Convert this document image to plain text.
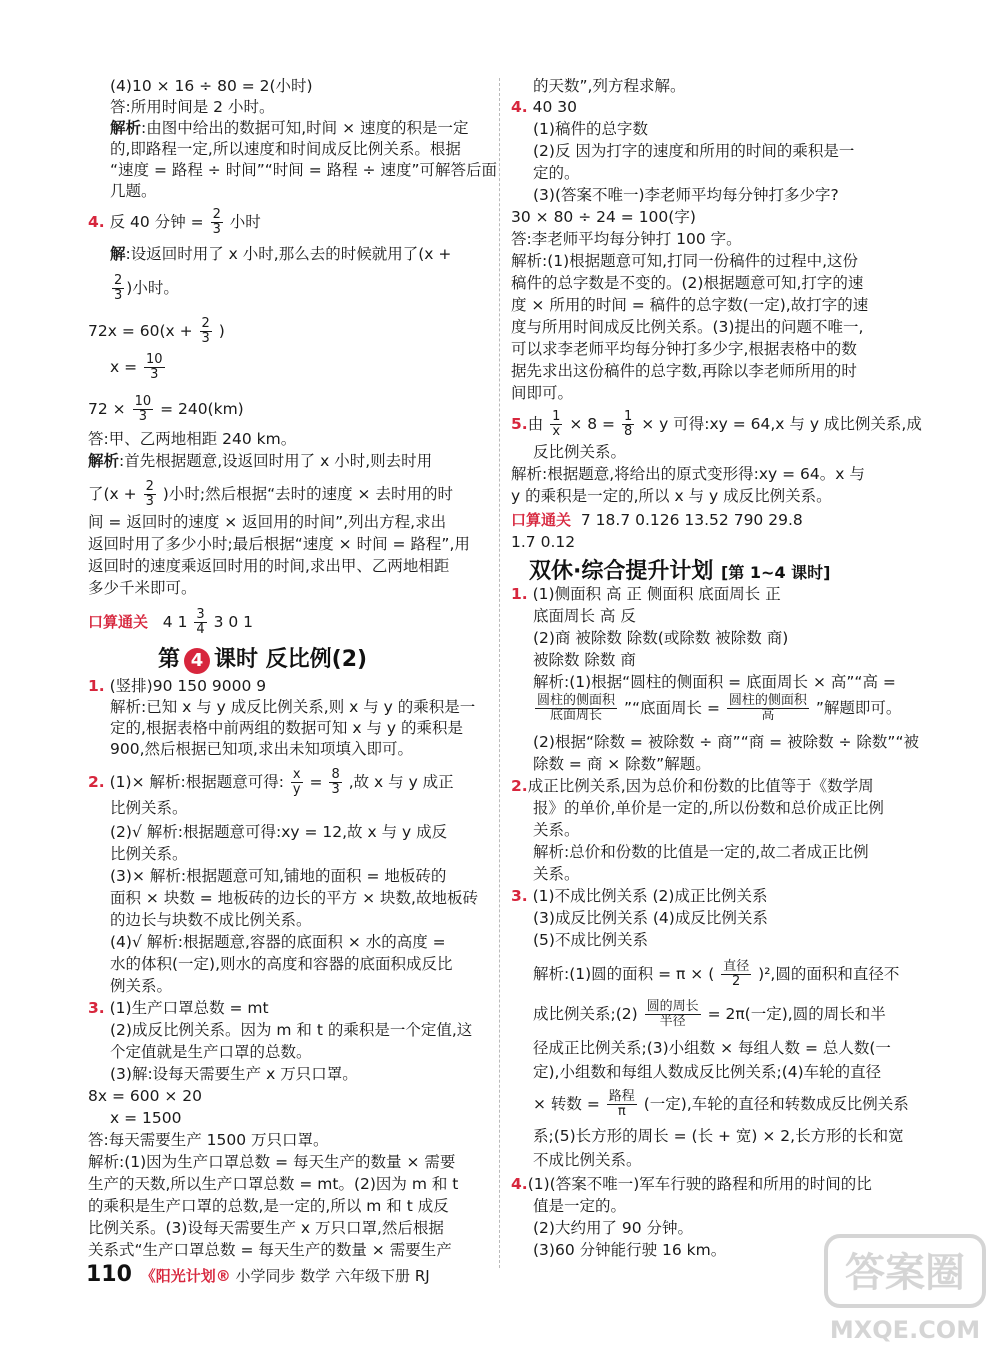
(4)10 × 16 ÷ 80 = 2(小时)
答:所用时间是 2 小时。
解析:由图中给出的数据可知,时间 × 速度的积是一定
的,即路程一定,所以速度和时间成反比例关系。根据
“速度 = 路程 ÷ 时间”“时间 = 路程 ÷ 速度”可解答后面
几题。
4. 反 40 分钟 = $\frac{2}{3}$ 小时
解:设返回时用了 x 小时,那么去的时候就用了(x +
$\frac{2}{3}$ )小时。
$72x = 60(x + \frac{2}{3}$ )
$x = \frac{10}{3}$
$72 \times \frac{10}{3} = 240(km)$
答:甲、乙两地相距 240 km。
解析:首先根据题意,设返回时用了 x 小时,则去时用
了($x + \frac{2}{3}$ )小时;然后根据“去时的速度 × 去时用的时
间 = 返回时的速度 × 返回用的时间”,列出方程,求出
返回时用了多少小时;最后根据“速度 × 时间 = 路程”,用
返回时的速度乘返回时用的时间,求出甲、乙两地相距
多少千米即可。
口算通关 4 $1 \frac{3}{4} 3$ 0 1
第 4 课时 反比例(2)
1. (竖排)90 150 9000 9
解析:已知 x 与 y 成反比例关系,则 x 与 y 的乘积是一
定的,根据表格中前两组的数据可知 x 与 y 的乘积是
900,然后根据已知项,求出未知项填入即可。
2. (1)× 解析:根据题意可得: $\frac{x}{y} = \frac{8}{3}$ ,故 x 与 y 成正
比例关系。
(2)√ 解析:根据题意可得:xy = 12,故 x 与 y 成反
比例关系。
(3)× 解析:根据题意可知,铺地的面积 = 地板砖的
面积 × 块数 = 地板砖的边长的平方 × 块数,故地板砖
的边长与块数不成比例关系。
(4)√ 解析:根据题意,容器的底面积 × 水的高度 =
水的体积(一定),则水的高度和容器的底面积成反比
例关系。
3. (1)生产口罩总数 = mt
(2)成反比例关系。因为 m 和 t 的乘积是一个定值,这
个定值就是生产口罩的总数。
(3)解:设每天需要生产 x 万只口罩。
8x = 600 × 20
x = 1500
答:每天需要生产 1500 万只口罩。
解析:(1)因为生产口罩总数 = 每天生产的数量 × 需要
生产的天数,所以生产口罩总数 = mt。(2)因为 m 和 t
的乘积是生产口罩的总数,是一定的,所以 m 和 t 成反
比例关系。(3)设每天需要生产 x 万只口罩,然后根据
关系式“生产口罩总数 = 每天生产的数量 × 需要生产
的天数”,列方程求解。
4. 40 30
(1)稿件的总字数
(2)反 因为打字的速度和所用的时间的乘积是一
定的。
(3)(答案不唯一)李老师平均每分钟打多少字?
30 × 80 ÷ 24 = 100(字)
答:李老师平均每分钟打 100 字。
解析:(1)根据题意可知,打同一份稿件的过程中,这份
稿件的总字数是不变的。(2)根据题意可知,打字的速
度 × 所用的时间 = 稿件的总字数(一定),故打字的速
度与所用时间成反比例关系。(3)提出的问题不唯一,
可以求李老师平均每分钟打多少字,根据表格中的数
据先求出这份稿件的总字数,再除以李老师所用的时
间即可。
5.由 $\frac{1}{x} \times 8 = \frac{1}{8} \times y$ 可得:xy = 64,x 与 y 成比例关系,成
反比例关系。
解析:根据题意,将给出的原式变形得:xy = 64。x 与
y 的乘积是一定的,所以 x 与 y 成反比例关系。
口算通关 7 18.7 0.126 13.52 790 29.8
1.7 0.12
双休·综合提升计划 [第 1~4 课时]
1. (1)侧面积 高 正 侧面积 底面周长 正
底面周长 高 反
(2)商 被除数 除数(或除数 被除数 商)
被除数 除数 商
解析:(1)根据“圆柱的侧面积 = 底面周长 × 高”“高 =
$\frac{\text{圆柱的侧面积}}{\text{底面周长}}$ ”“底面周长 = $\frac{\text{圆柱的侧面积}}{\text{高}}$ ”解题即可。
(2)根据“除数 = 被除数 ÷ 商”“商 = 被除数 ÷ 除数”“被
除数 = 商 × 除数”解题。
2.成正比例关系,因为总价和份数的比值等于《数学周
报》的单价,单价是一定的,所以份数和总价成正比例
关系。
解析:总价和份数的比值是一定的,故二者成正比例
关系。
3. (1)不成比例关系 (2)成正比例关系
(3)成反比例关系 (4)成反比例关系
(5)不成比例关系
解析:(1)圆的面积 = π × ( $\frac{\text{直径}}{2} )^2$,圆的面积和直径不
成比例关系;(2) $\frac{\text{圆的周长}}{\text{半径}} = 2\pi$(一定),圆的周长和半
径成正比例关系;(3)小组数 × 每组人数 = 总人数(一
定),小组数和每组人数成反比例关系;(4)车轮的直径
× 转数 = $\frac{\text{路程}}{\pi}$ (一定),车轮的直径和转数成反比例关系
系;(5)长方形的周长 = (长 + 宽) × 2,长方形的长和宽
不成比例关系。
4.(1)(答案不唯一)军车行驶的路程和所用的时间的比
值是一定的。
(2)大约用了 90 分钟。
(3)60 分钟能行驶 16 km。
110 《阳光计划® 小学同步 数学 六年级下册 RJ	答案圈
MXQE.COM
